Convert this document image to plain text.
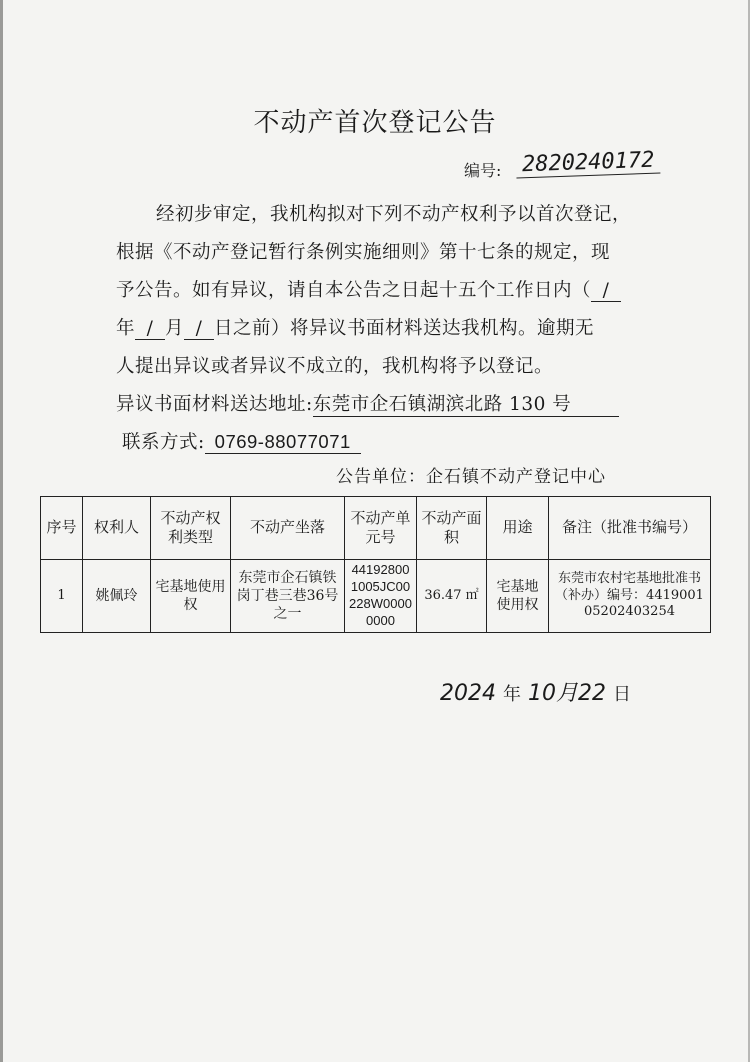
不动产首次登记公告
编号: 2820240172
经初步审定，我机构拟对下列不动产权利予以首次登记，
根据《不动产登记暂行条例实施细则》第十七条的规定，现
予公告。如有异议，请自本公告之日起十五个工作日内（ /
年 / 月 / 日之前）将异议书面材料送达我机构。逾期无
人提出异议或者异议不成立的，我机构将予以登记。
异议书面材料送达地址:东莞市企石镇湖滨北路 130 号
联系方式: 0769-88077071
公告单位：企石镇不动产登记中心
序号	权利人	不动产权利类型	不动产坐落	不动产单元号	不动产面积	用途	备注（批准书编号）
1	姚佩玲	宅基地使用权	东莞市企石镇铁岗丁巷三巷36号之一	441928001005JC00228W00000000	36.47 ㎡	宅基地使用权	东莞市农村宅基地批准书（补办）编号：441900105202403254
2024 年 10月22 日
